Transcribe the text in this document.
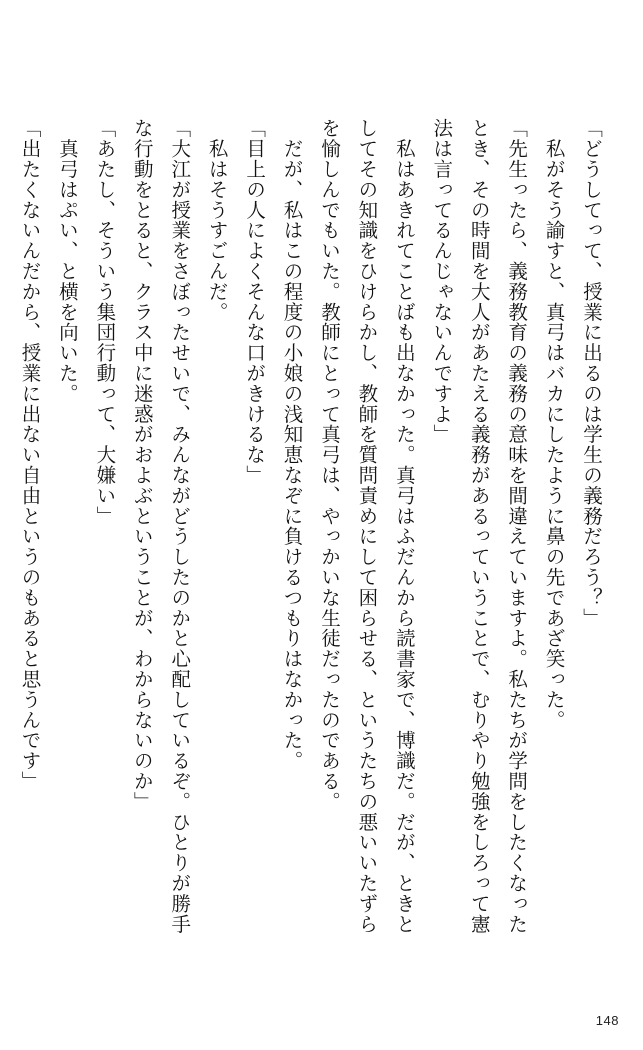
「どうしてって、授業に出るのは学生の義務だろう？」

　私がそう諭すと、真弓はバカにしたように鼻の先であざ笑った。

「先生ったら、義務教育の義務の意味を間違えていますよ。私たちが学問をしたくなった

とき、その時間を大人があたえる義務があるっていうことで、むりやり勉強をしろって憲

法は言ってるんじゃないんですよ」

　私はあきれてことばも出なかった。真弓はふだんから読書家で、博識だ。だが、ときと

してその知識をひけらかし、教師を質問責めにして困らせる、というたちの悪いいたずら

を愉しんでもいた。教師にとって真弓は、やっかいな生徒だったのである。

　だが、私はこの程度の小娘の浅知恵なぞに負けるつもりはなかった。

「目上の人によくそんな口がきけるな」

　私はそうすごんだ。

「大江が授業をさぼったせいで、みんながどうしたのかと心配しているぞ。ひとりが勝手

な行動をとると、クラス中に迷惑がおよぶということが、わからないのか」

「あたし、そういう集団行動って、大嫌い」

　真弓はぷい、と横を向いた。

「出たくないんだから、授業に出ない自由というのもあると思うんです」

148
